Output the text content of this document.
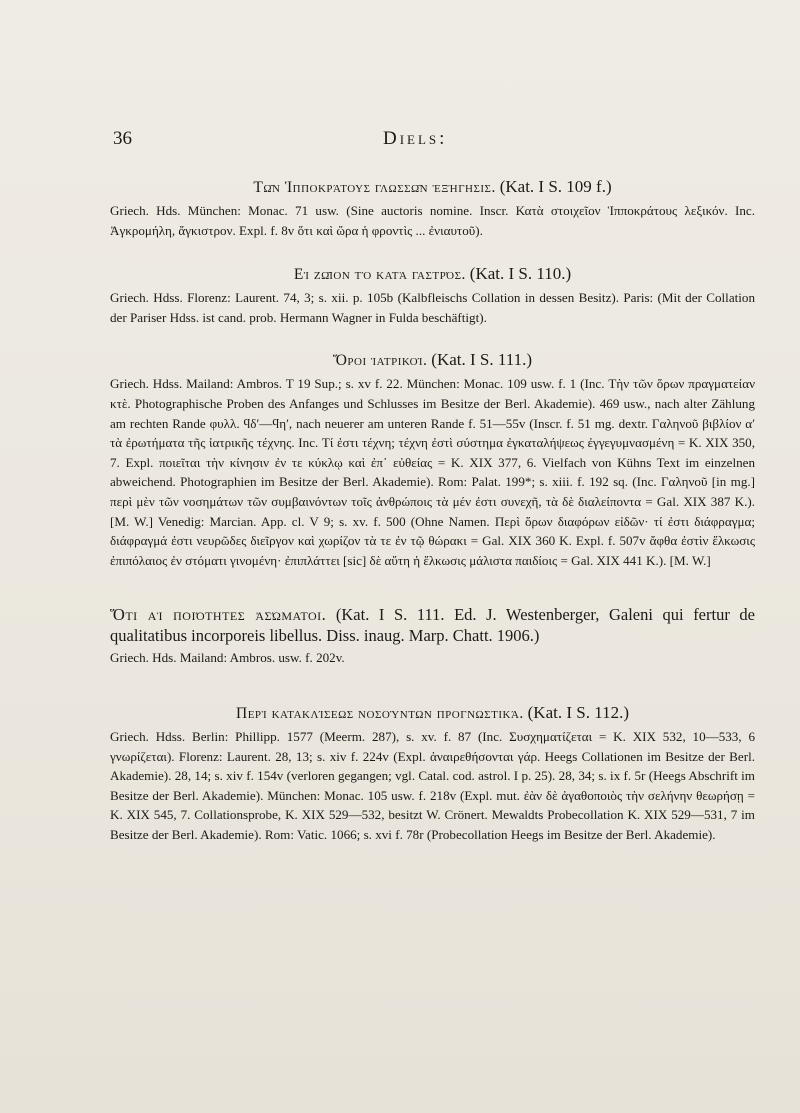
36	Diels:
Τῶν Ἱπποκράτους γλωσσῶν ἐξήγησις. (Kat. I S. 109 f.)

Griech. Hds. München: Monac. 71 usw. (Sine auctoris nomine. Inscr. Κατὰ στοιχεῖον Ἱπποκράτους λεξικόν. Inc. Ἀγκρομήλη, ἄγκιστρον. Expl. f. 8v ὅτι καὶ ὥρα ἡ φροντὶς ... ἐνιαυτοῦ).

Εἰ ζῷον τὸ κατὰ γαστρός. (Kat. I S. 110.)

Griech. Hdss. Florenz: Laurent. 74, 3; s. xii. p. 105b (Kalbfleischs Collation in dessen Besitz). Paris: (Mit der Collation der Pariser Hdss. ist cand. prob. Hermann Wagner in Fulda beschäftigt).

Ὅροι ἰατρικοί. (Kat. I S. 111.)

Griech. Hdss. Mailand: Ambros. T 19 Sup.; s. xv f. 22. München: Monac. 109 usw. f. 1 (Inc. Τὴν τῶν ὅρων πραγματείαν κτὲ. Photographische Proben des Anfanges und Schlusses im Besitze der Berl. Akademie). 469 usw., nach alter Zählung am rechten Rande φυλλ. ϥδʹ—ϥηʹ, nach neuerer am unteren Rande f. 51—55v (Inscr. f. 51 mg. dextr. Γαληνοῦ βιβλίον αʹ τὰ ἐρωτήματα τῆς ἰατρικῆς τέχνης. Inc. Τί ἐστι τέχνη; τέχνη ἐστὶ σύστημα ἐγκαταλήψεως ἐγγεγυμνασμένη = K. XIX 350, 7. Expl. ποιεῖται τὴν κίνησιν ἐν τε κύκλῳ καὶ ἐπ᾽ εὐθείας = K. XIX 377, 6. Vielfach von Kühns Text im einzelnen abweichend. Photographien im Besitze der Berl. Akademie). Rom: Palat. 199*; s. xiii. f. 192 sq. (Inc. Γαληνοῦ [in mg.] περὶ μὲν τῶν νοσημάτων τῶν συμβαινόντων τοῖς ἀνθρώποις τὰ μέν ἐστι συνεχῆ, τὰ δὲ διαλείποντα = Gal. XIX 387 K.). [M. W.] Venedig: Marcian. App. cl. V 9; s. xv. f. 500 (Ohne Namen. Περὶ ὅρων διαφόρων εἰδῶν· τί ἐστι διάφραγμα; διάφραγμά ἐστι νευρῶδες διεῖργον καὶ χωρίζον τὰ τε ἐν τῷ θώρακι = Gal. XIX 360 K. Expl. f. 507v ἄφθα ἐστὶν ἕλκωσις ἐπιπόλαιος ἐν στόματι γινομένη· ἐπιπλάττει [sic] δὲ αὕτη ἡ ἕλκωσις μάλιστα παιδίοις = Gal. XIX 441 K.). [M. W.]

Ὅτι αἱ ποιότητες ἀσώματοι. (Kat. I S. 111. Ed. J. Westenberger, Galeni qui fertur de qualitatibus incorporeis libellus. Diss. inaug. Marp. Chatt. 1906.)

Griech. Hds. Mailand: Ambros. usw. f. 202v.

Περὶ κατακλίσεως νοσούντων προγνωστικά. (Kat. I S. 112.)

Griech. Hdss. Berlin: Phillipp. 1577 (Meerm. 287), s. xv. f. 87 (Inc. Συσχηματίζεται = K. XIX 532, 10—533, 6 γνωρίζεται). Florenz: Laurent. 28, 13; s. xiv f. 224v (Expl. ἀναιρεθήσονται γάρ. Heegs Collationen im Besitze der Berl. Akademie). 28, 14; s. xiv f. 154v (verloren gegangen; vgl. Catal. cod. astrol. I p. 25). 28, 34; s. ix f. 5r (Heegs Abschrift im Besitze der Berl. Akademie). München: Monac. 105 usw. f. 218v (Expl. mut. ἐὰν δὲ ἀγαθοποιὸς τὴν σελήνην θεωρήσῃ = K. XIX 545, 7. Collationsprobe, K. XIX 529—532, besitzt W. Crönert. Mewaldts Probecollation K. XIX 529—531, 7 im Besitze der Berl. Akademie). Rom: Vatic. 1066; s. xvi f. 78r (Probecollation Heegs im Besitze der Berl. Akademie).
